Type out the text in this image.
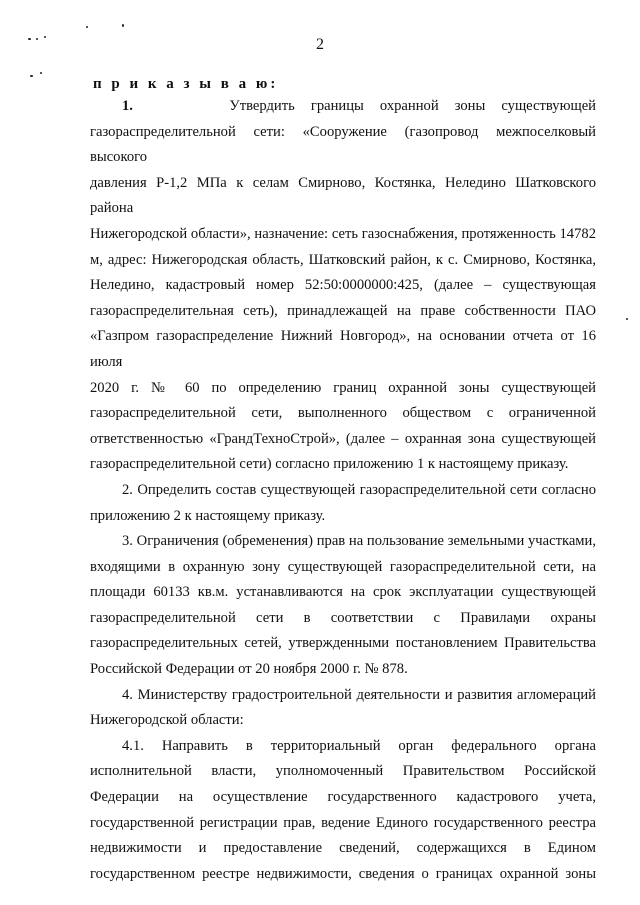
2
п р и к а з ы в а ю:

1.	Утвердить границы охранной зоны существующей

газораспределительной сети: «Сооружение (газопровод межпоселковый высокого

давления Р-1,2 МПа к селам Смирново, Костянка, Неледино Шатковского района

Нижегородской области», назначение: сеть газоснабжения, протяженность 14782

м, адрес: Нижегородская область, Шатковский район, к с. Смирново, Костянка,

Неледино, кадастровый номер 52:50:0000000:425, (далее – существующая

газораспределительная сеть), принадлежащей на праве собственности ПАО

«Газпром газораспределение Нижний Новгород», на основании отчета от 16 июля

2020 г. № 60 по определению границ охранной зоны существующей

газораспределительной сети, выполненного обществом с ограниченной

ответственностью «ГрандТехноСтрой», (далее – охранная зона существующей

газораспределительной сети) согласно приложению 1 к настоящему приказу.

2. Определить состав существующей газораспределительной сети согласно

приложению 2 к настоящему приказу.

3. Ограничения (обременения) прав на пользование земельными участками,

входящими в охранную зону существующей газораспределительной сети, на

площади 60133 кв.м. устанавливаются на срок эксплуатации существующей

газораспределительной сети в соответствии с Правилами охраны

газораспределительных сетей, утвержденными постановлением Правительства

Российской Федерации от 20 ноября 2000 г. № 878.

4. Министерству градостроительной деятельности и развития агломераций

Нижегородской области:

4.1. Направить в территориальный орган федерального органа

исполнительной власти, уполномоченный Правительством Российской

Федерации на осуществление государственного кадастрового учета,

государственной регистрации прав, ведение Единого государственного реестра

недвижимости и предоставление сведений, содержащихся в Едином

государственном реестре недвижимости, сведения о границах охранной зоны
